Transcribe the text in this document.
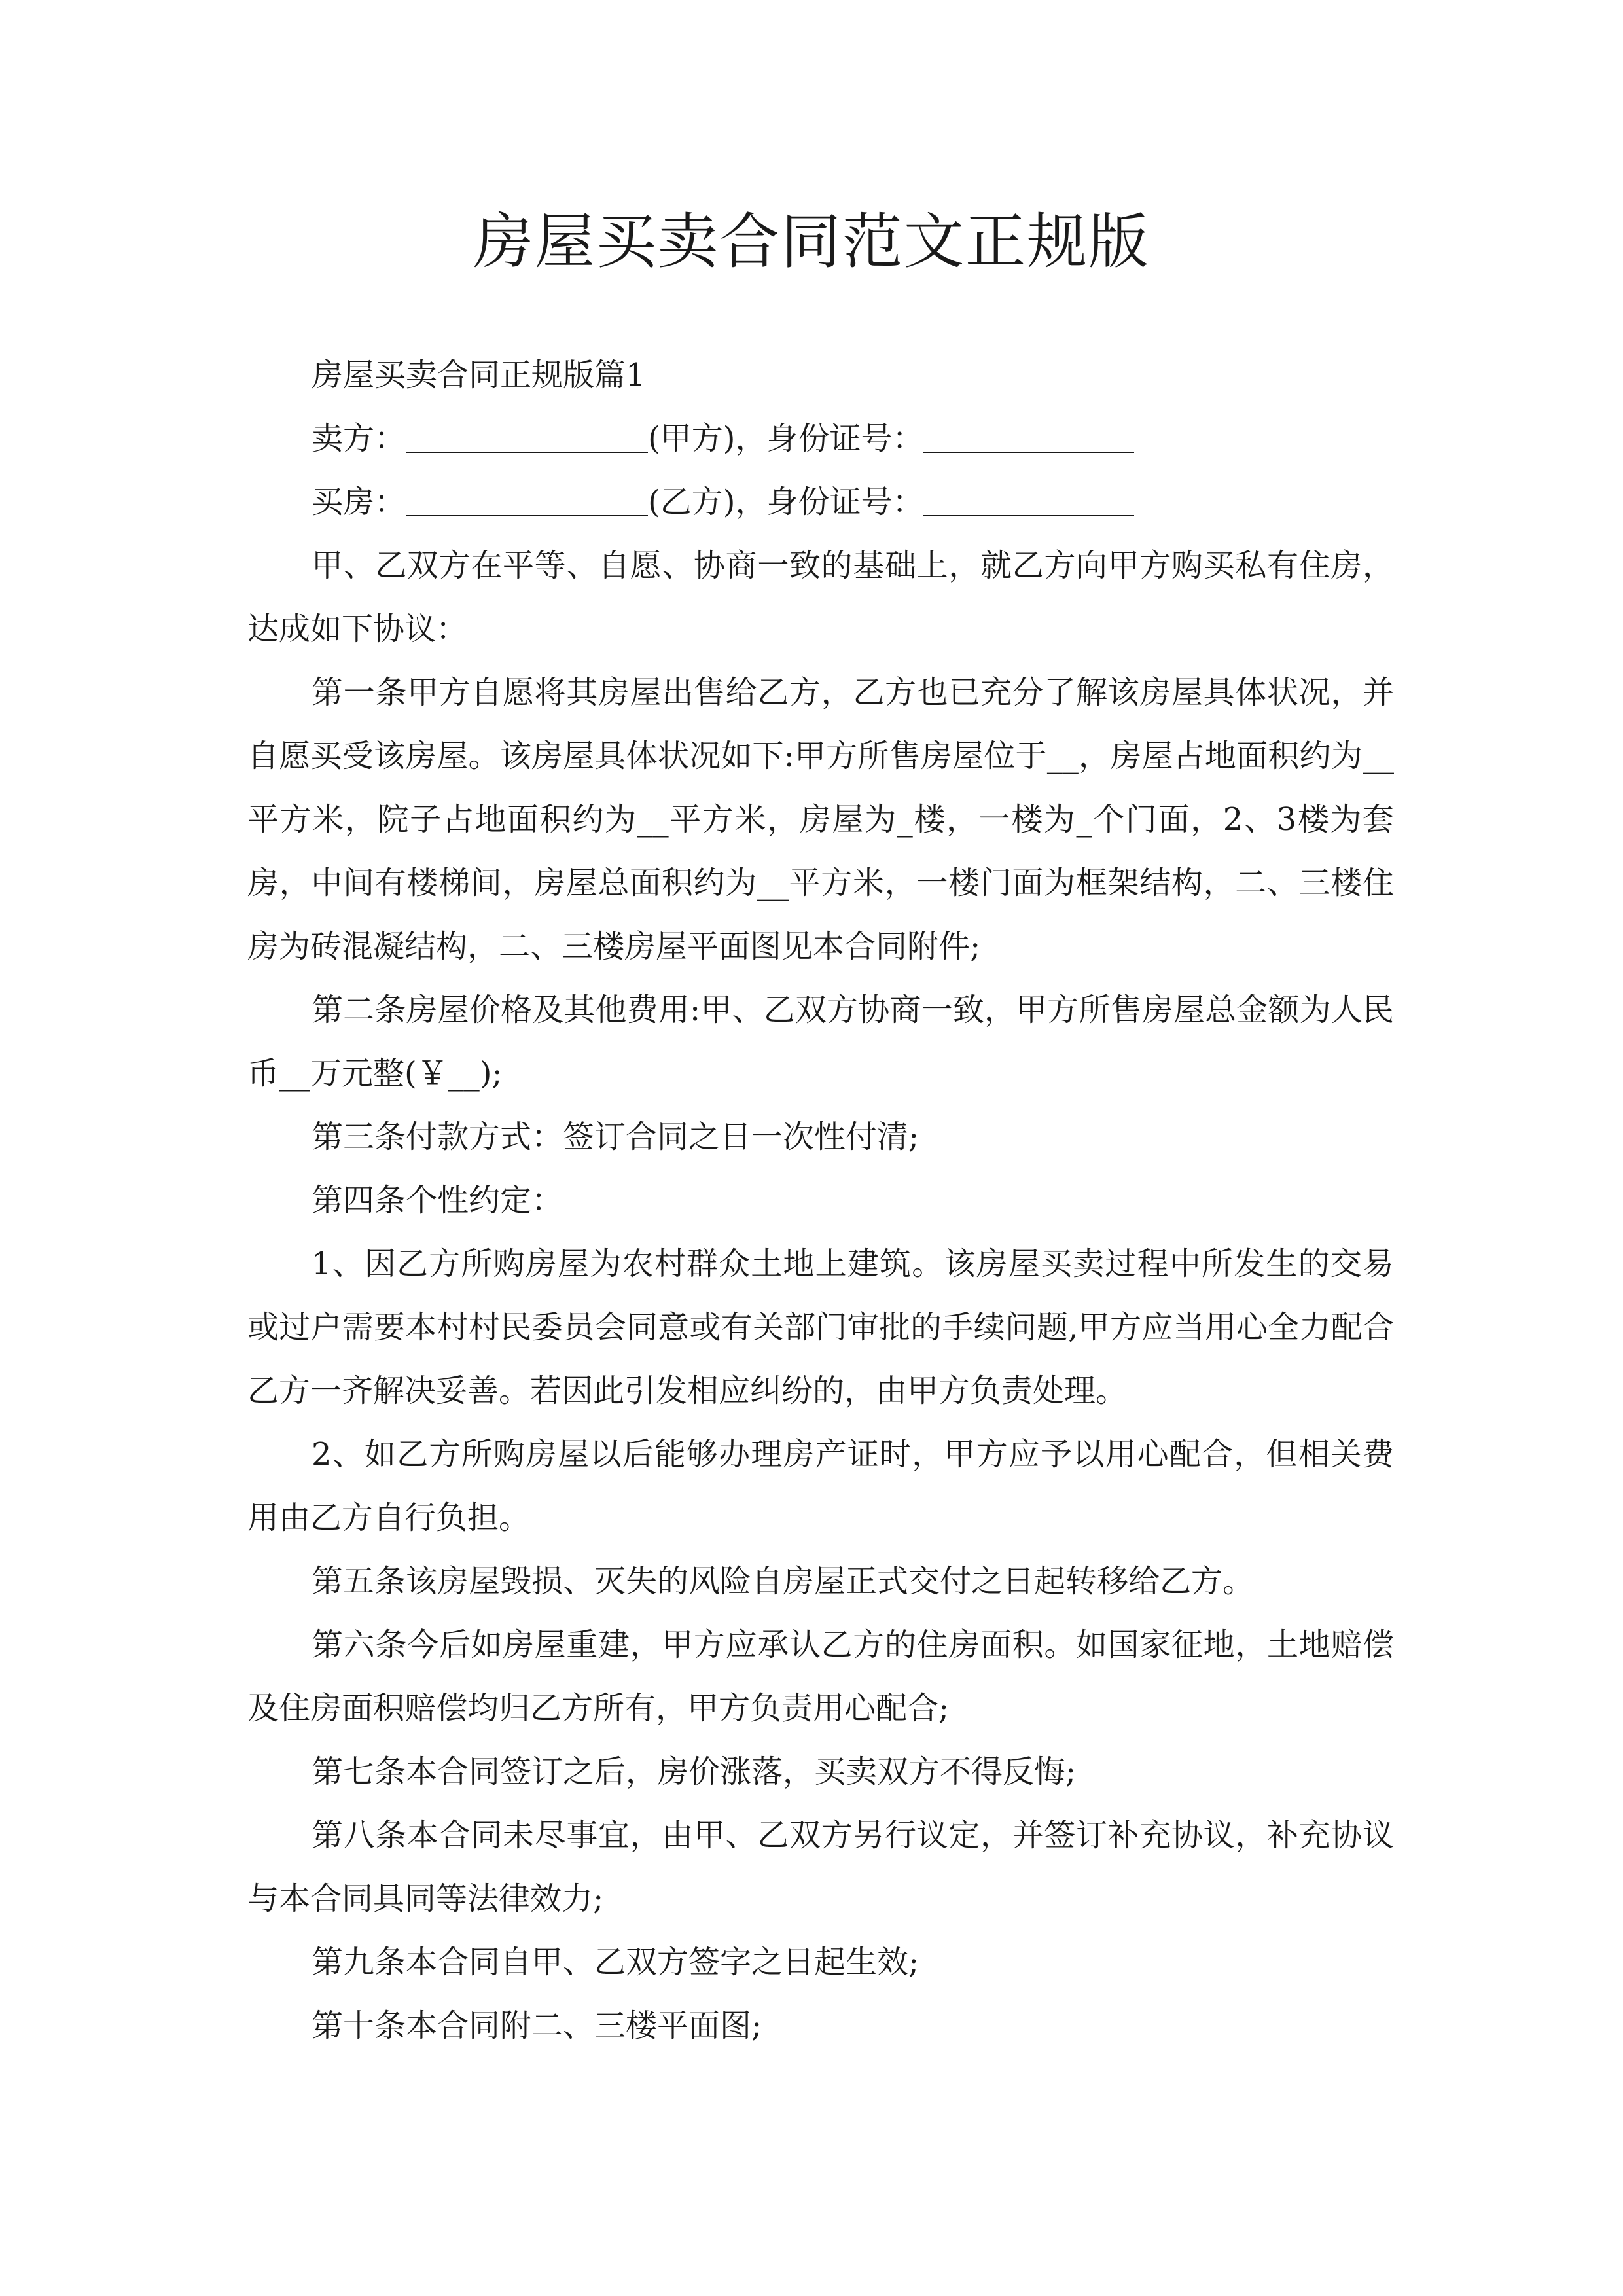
房屋买卖合同范文正规版

房屋买卖合同正规版篇1

卖方：	(甲方)，身份证号：

买房：	(乙方)，身份证号：

甲、乙双方在平等、自愿、协商一致的基础上，就乙方向甲方购买私有住房，达成如下协议：

第一条甲方自愿将其房屋出售给乙方，乙方也已充分了解该房屋具体状况，并自愿买受该房屋。该房屋具体状况如下:甲方所售房屋位于__，房屋占地面积约为__平方米，院子占地面积约为__平方米，房屋为_楼，一楼为_个门面，2、3楼为套房，中间有楼梯间，房屋总面积约为__平方米，一楼门面为框架结构，二、三楼住房为砖混凝结构，二、三楼房屋平面图见本合同附件;

第二条房屋价格及其他费用:甲、乙双方协商一致，甲方所售房屋总金额为人民币__万元整(￥__);

第三条付款方式：签订合同之日一次性付清;

第四条个性约定：

1、因乙方所购房屋为农村群众土地上建筑。该房屋买卖过程中所发生的交易或过户需要本村村民委员会同意或有关部门审批的手续问题,甲方应当用心全力配合乙方一齐解决妥善。若因此引发相应纠纷的，由甲方负责处理。

2、如乙方所购房屋以后能够办理房产证时，甲方应予以用心配合，但相关费用由乙方自行负担。

第五条该房屋毁损、灭失的风险自房屋正式交付之日起转移给乙方。

第六条今后如房屋重建，甲方应承认乙方的住房面积。如国家征地，土地赔偿及住房面积赔偿均归乙方所有，甲方负责用心配合;

第七条本合同签订之后，房价涨落，买卖双方不得反悔;

第八条本合同未尽事宜，由甲、乙双方另行议定，并签订补充协议，补充协议与本合同具同等法律效力;

第九条本合同自甲、乙双方签字之日起生效;

第十条本合同附二、三楼平面图;
